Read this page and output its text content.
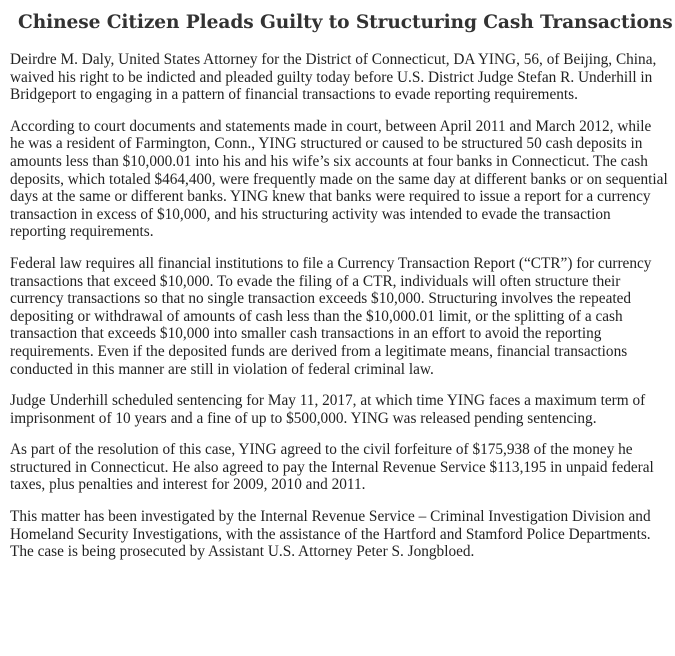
Chinese Citizen Pleads Guilty to Structuring Cash Transactions

Deirdre M. Daly, United States Attorney for the District of Connecticut, DA YING, 56, of Beijing, China, waived his right to be indicted and pleaded guilty today before U.S. District Judge Stefan R. Underhill in Bridgeport to engaging in a pattern of financial transactions to evade reporting requirements.

According to court documents and statements made in court, between April 2011 and March 2012, while he was a resident of Farmington, Conn., YING structured or caused to be structured 50 cash deposits in amounts less than $10,000.01 into his and his wife’s six accounts at four banks in Connecticut. The cash deposits, which totaled $464,400, were frequently made on the same day at different banks or on sequential days at the same or different banks. YING knew that banks were required to issue a report for a currency transaction in excess of $10,000, and his structuring activity was intended to evade the transaction reporting requirements.

Federal law requires all financial institutions to file a Currency Transaction Report (“CTR”) for currency transactions that exceed $10,000. To evade the filing of a CTR, individuals will often structure their currency transactions so that no single transaction exceeds $10,000. Structuring involves the repeated depositing or withdrawal of amounts of cash less than the $10,000.01 limit, or the splitting of a cash transaction that exceeds $10,000 into smaller cash transactions in an effort to avoid the reporting requirements. Even if the deposited funds are derived from a legitimate means, financial transactions conducted in this manner are still in violation of federal criminal law.

Judge Underhill scheduled sentencing for May 11, 2017, at which time YING faces a maximum term of imprisonment of 10 years and a fine of up to $500,000. YING was released pending sentencing.

As part of the resolution of this case, YING agreed to the civil forfeiture of $175,938 of the money he structured in Connecticut. He also agreed to pay the Internal Revenue Service $113,195 in unpaid federal taxes, plus penalties and interest for 2009, 2010 and 2011.

This matter has been investigated by the Internal Revenue Service – Criminal Investigation Division and Homeland Security Investigations, with the assistance of the Hartford and Stamford Police Departments. The case is being prosecuted by Assistant U.S. Attorney Peter S. Jongbloed.
